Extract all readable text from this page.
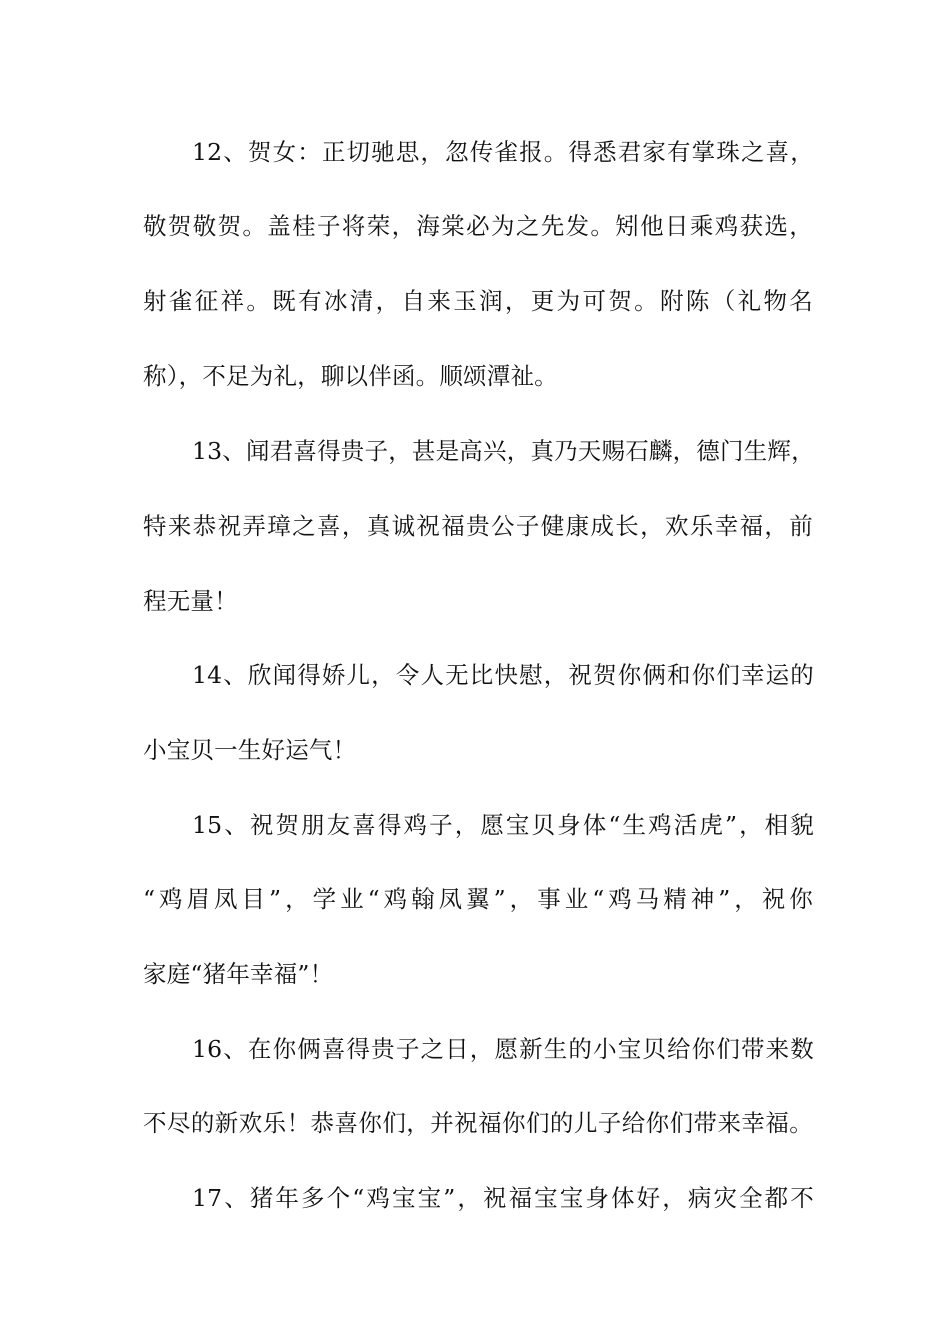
12、贺女：正切驰思，忽传雀报。得悉君家有掌珠之喜，
敬贺敬贺。盖桂子将荣，海棠必为之先发。矧他日乘鸡获选，
射雀征祥。既有冰清，自来玉润，更为可贺。附陈（礼物名
称），不足为礼，聊以伴函。顺颂潭祉。
13、闻君喜得贵子，甚是高兴，真乃天赐石麟，德门生辉，
特来恭祝弄璋之喜，真诚祝福贵公子健康成长，欢乐幸福，前
程无量！
14、欣闻得娇儿，令人无比快慰，祝贺你俩和你们幸运的
小宝贝一生好运气！
15、祝贺朋友喜得鸡子，愿宝贝身体“生鸡活虎”，相貌
“鸡眉凤目”，学业“鸡翰凤翼”，事业“鸡马精神”，祝你
家庭“猪年幸福”！
16、在你俩喜得贵子之日，愿新生的小宝贝给你们带来数
不尽的新欢乐！恭喜你们，并祝福你们的儿子给你们带来幸福。
17、猪年多个“鸡宝宝”，祝福宝宝身体好，病灾全都不
